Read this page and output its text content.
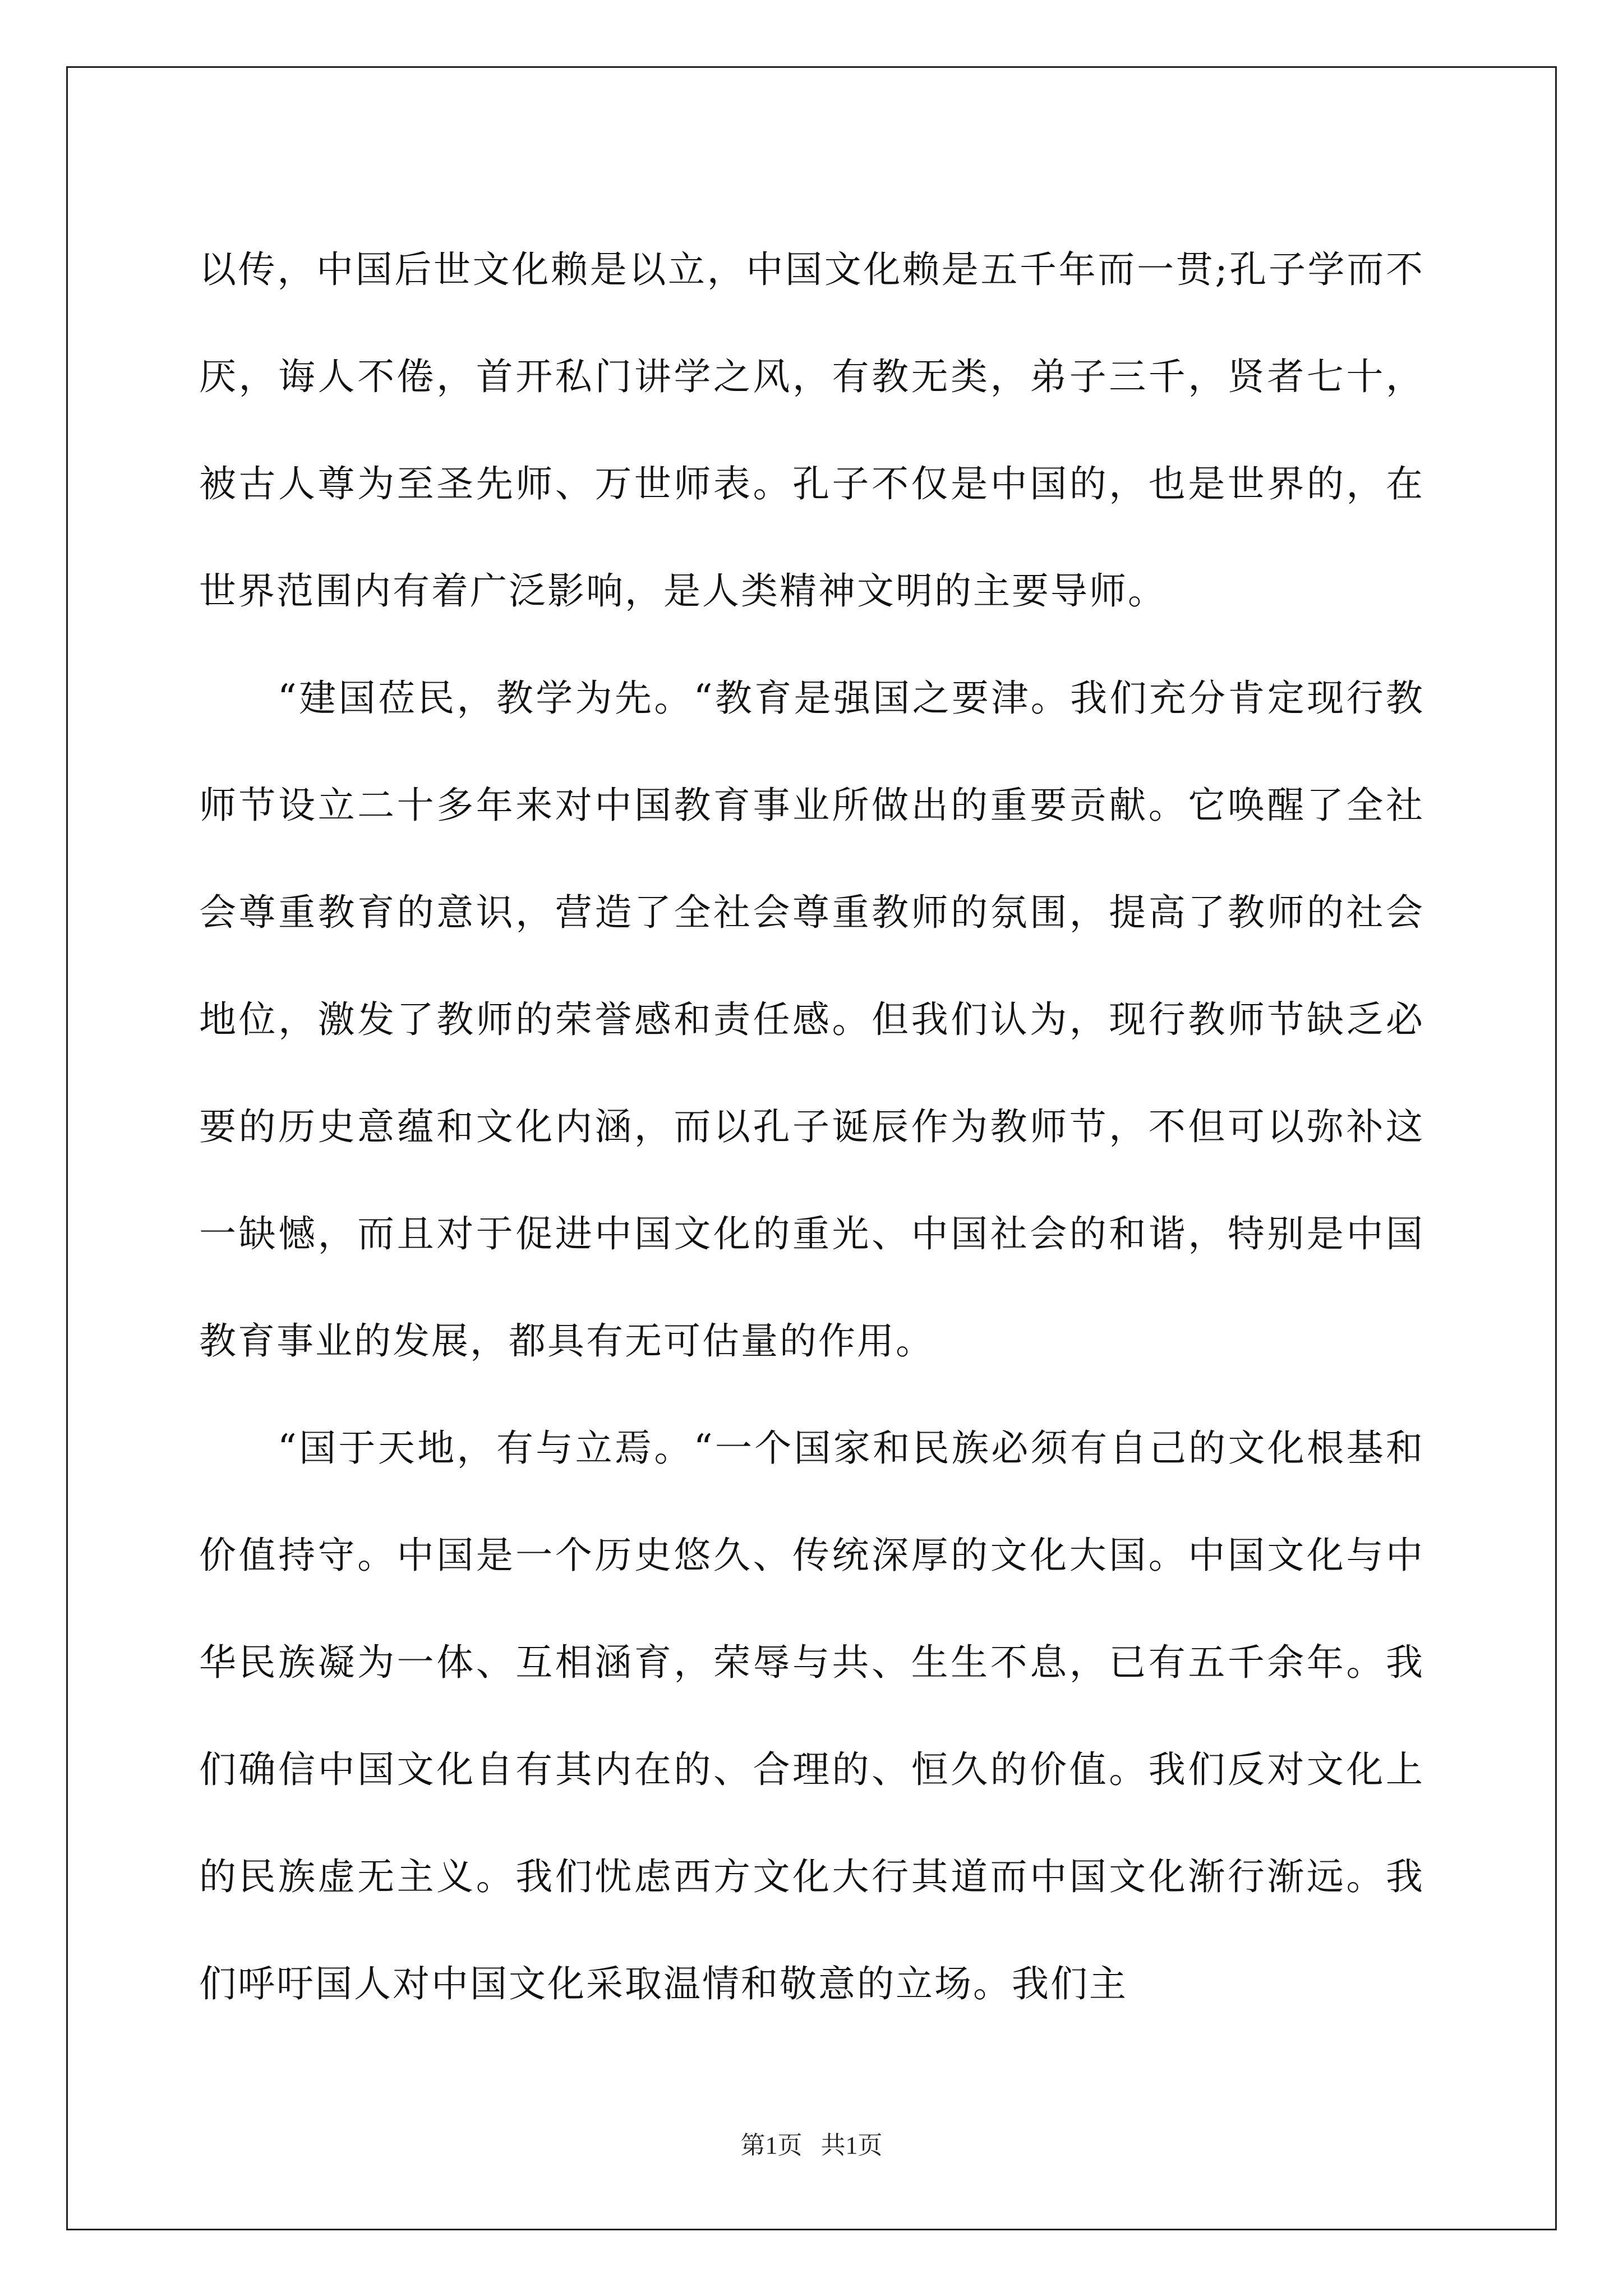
以传，中国后世文化赖是以立，中国文化赖是五千年而一贯;孔子学而不厌，诲人不倦，首开私门讲学之风，有教无类，弟子三千，贤者七十，被古人尊为至圣先师、万世师表。孔子不仅是中国的，也是世界的，在世界范围内有着广泛影响，是人类精神文明的主要导师。

“建国莅民，教学为先。“教育是强国之要津。我们充分肯定现行教师节设立二十多年来对中国教育事业所做出的重要贡献。它唤醒了全社会尊重教育的意识，营造了全社会尊重教师的氛围，提高了教师的社会地位，激发了教师的荣誉感和责任感。但我们认为，现行教师节缺乏必要的历史意蕴和文化内涵，而以孔子诞辰作为教师节，不但可以弥补这一缺憾，而且对于促进中国文化的重光、中国社会的和谐，特别是中国教育事业的发展，都具有无可估量的作用。

“国于天地，有与立焉。“一个国家和民族必须有自己的文化根基和价值持守。中国是一个历史悠久、传统深厚的文化大国。中国文化与中华民族凝为一体、互相涵育，荣辱与共、生生不息，已有五千余年。我们确信中国文化自有其内在的、合理的、恒久的价值。我们反对文化上的民族虚无主义。我们忧虑西方文化大行其道而中国文化渐行渐远。我们呼吁国人对中国文化采取温情和敬意的立场。我们主

第1页   共1页
